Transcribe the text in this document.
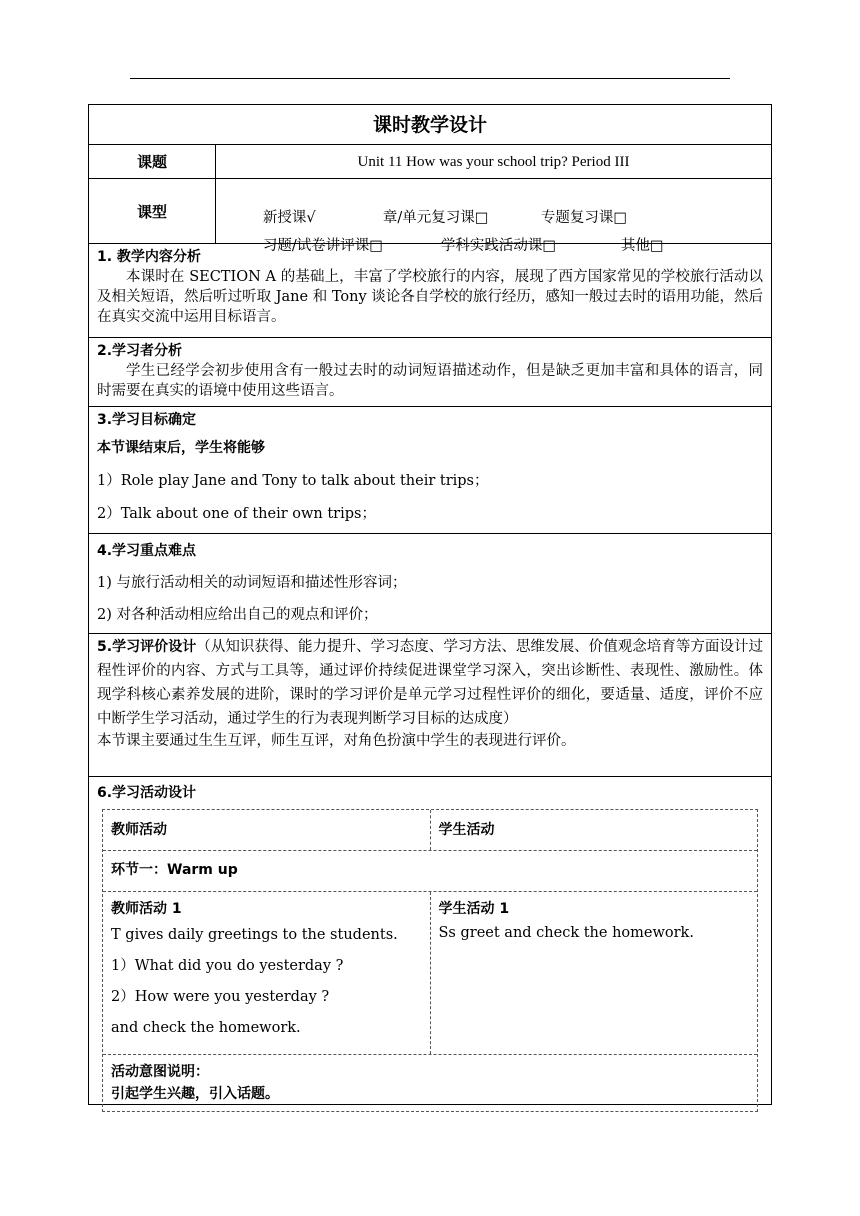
课时教学设计
课题	Unit 11 How was your school trip? Period III
课型	新授课√	章/单元复习课□	专题复习课□

习题/试卷讲评课□	学科实践活动课□	其他□

1. 教学内容分析
本课时在 SECTION A 的基础上，丰富了学校旅行的内容，展现了西方国家常见的学校旅行活动以及相关短语，然后听过听取 Jane 和 Tony 谈论各自学校的旅行经历，感知一般过去时的语用功能，然后在真实交流中运用目标语言。
2.学习者分析
学生已经学会初步使用含有一般过去时的动词短语描述动作，但是缺乏更加丰富和具体的语言，同时需要在真实的语境中使用这些语言。
3.学习目标确定
本节课结束后，学生将能够
1）Role play Jane and Tony to talk about their trips；
2）Talk about one of their own trips；
4.学习重点难点
1) 与旅行活动相关的动词短语和描述性形容词；
2) 对各种活动相应给出自己的观点和评价；
5.学习评价设计（从知识获得、能力提升、学习态度、学习方法、思维发展、价值观念培育等方面设计过程性评价的内容、方式与工具等，通过评价持续促进课堂学习深入，突出诊断性、表现性、激励性。体现学科核心素养发展的进阶，课时的学习评价是单元学习过程性评价的细化，要适量、适度，评价不应中断学生学习活动，通过学生的行为表现判断学习目标的达成度）
本节课主要通过生生互评，师生互评，对角色扮演中学生的表现进行评价。
6.学习活动设计
教师活动	学生活动
环节一：Warm up
教师活动 1
T gives daily greetings to the students.
1）What did you do yesterday ?
2）How were you yesterday ?
and check the homework.
学生活动 1
Ss greet and check the homework.
活动意图说明：
引起学生兴趣，引入话题。
